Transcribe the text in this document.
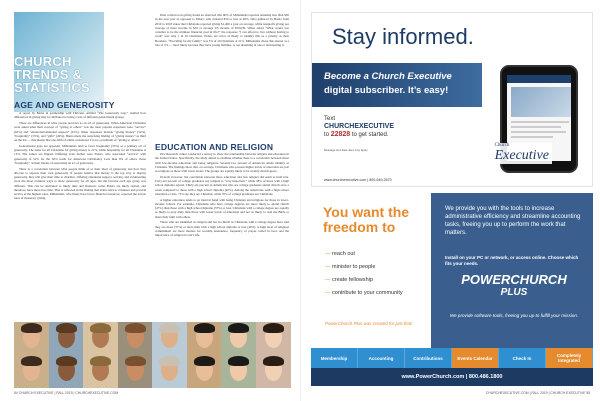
CHURCH TRENDS &
STATISTICS
AGE AND GENEROSITY

A report by Barna in partnership with Thrivent, entitled “The Generosity Gap,” studied how differences in giving may be attributed to being a part of different generational groups.

There are differences in what people perceive as an act of generosity. When American Christians were asked what their concept of “giving to others” was the most popular responses were “service” (62%) and “emotional/relational support” (61%). Other responses include “giving money” (52%), “hospitality” (53%), and “gifts” (49%). Barna made the surprising finding of “giving money” as third on the list — this means that one-fifth of adults considered it to be a premium of “giving to others.”

Generational gaps are apparent. Millennials tend to favor hospitality (35%) as a primary act of generosity. The same for all Christians for giving money is 21%, while hospitality for all Christians is 13%. The values are flipped. Differing even further were Elders, who associated “service” with generosity at 52% for the 62% norm for American Christians). Less than 9% of elders chose “hospitality” as their means of expressing an act of generosity.

There is a correlation between what people think of as their ideal of generosity and how they allocate to express their own generosity. If people believe that money is the top way to display generosity, they will give their time to charities. Offering emotional support, serving, and volunteering were the most common ways to show generosity for all ages, but the favorite each age group was different. This can be attributed to likely time and finances, some Elders are likely retired, and therefore, have more free time. This is reflected in the finding that elders tend to volunteer and provide service at the highest rates. Millennials, who likely have fewer financial resources, reported the lowest rates of monetary giving.

Data collected on giving found an observed that 90% of Millennials reported donating less than $50 in the past year as opposed to Elders, who donated $50 or less at 49%. Data gathered by Barna from 2010 to 2018 states that Christians reported giving $1,400 a year on average, while nonprofit giving per average of more income in $50 or average US income of $59,039. When asked “What would you consider to be the ultimate financial goal in life?” the response “I can afford to live without having to work” was only 1 in 10 Christians. Elders are twice as likely to identify this as a priority as their Boomers. “Providing for my family” was 5% of all Christians at 21%. Millennials chose this answer at a rate of 5% — most likely because they have young families, or are dreaming of one or anticipating it.

EDUCATION AND RELIGION

Pew Research center conducted a survey to show the relationship between religion and education in the United States. Specifically, the study aimed to examine whether there is a correlation between those with low-income education and being religious. Seventy-two percent of American adults identify as Christian. The findings show that, on average, Christians who possess higher levels of education are just as religious as those with lower levels. The groups are equally likely to be weekly church-goers.

Overall, however, the correlation between more education and less religion did seem to hold true. Forty-six percent of college graduates say religion is “very important,” while 58% of those with a high school diploma agreed. Thirty-six percent of Americans who are college graduates attend church once a week compared to those with a high school diploma (40%). Among the Americans with a high school education or less, 75% say they are Christian, while 70% of college graduates are Christians.

A higher education tends to go hand in hand with being Christian and religious for those in lower-income cohorts. For example, Christians who have college degrees are more likely to attend church (47%) than those with a high school diploma (37%) or less. Christians with a college degree are equally as likely to pray daily than those with lower levels of education and not as likely to read the Bible or share their faith with others.

Those who are identified as religion and not in church as Christians with a college degree have said they are more (37%) or more than with a high school diploma or less (46%). A high level of religious commitment are more matters for worship attendance, frequency of prayer, belief in God, and the importance of religion in one’s life.

54 CHURCH EXECUTIVE | FALL 2019 | CHURCHEXECUTIVE.COM
Stay informed.
Become a Church Executive
digital subscriber. It’s easy!
Text
CHURCHEXECUTIVE
to 22828 to get started.
Message and data rates may apply.
Church
Executive
www.churchexecutive.com | 800-649-2670
You want the
freedom to
— reach out
— minister to people
— create fellowship
— contribute to your community
PowerChurch Plus was created for just that!
We provide you with the tools to increase administrative efficiency and streamline accounting tasks, freeing you up to perform the work that matters.
Install on your PC or network, or access online. Choose which fits your needs.
POWERCHURCH
PLUS
We provide software tools, freeing you up to fulfill your mission.
Membership	Accounting	Contributions	Events Calendar	Check In	Completely Integrated
www.PowerChurch.com | 800.486.1800
CHURCHEXECUTIVE.COM | FALL 2019 | CHURCH EXECUTIVE 55
